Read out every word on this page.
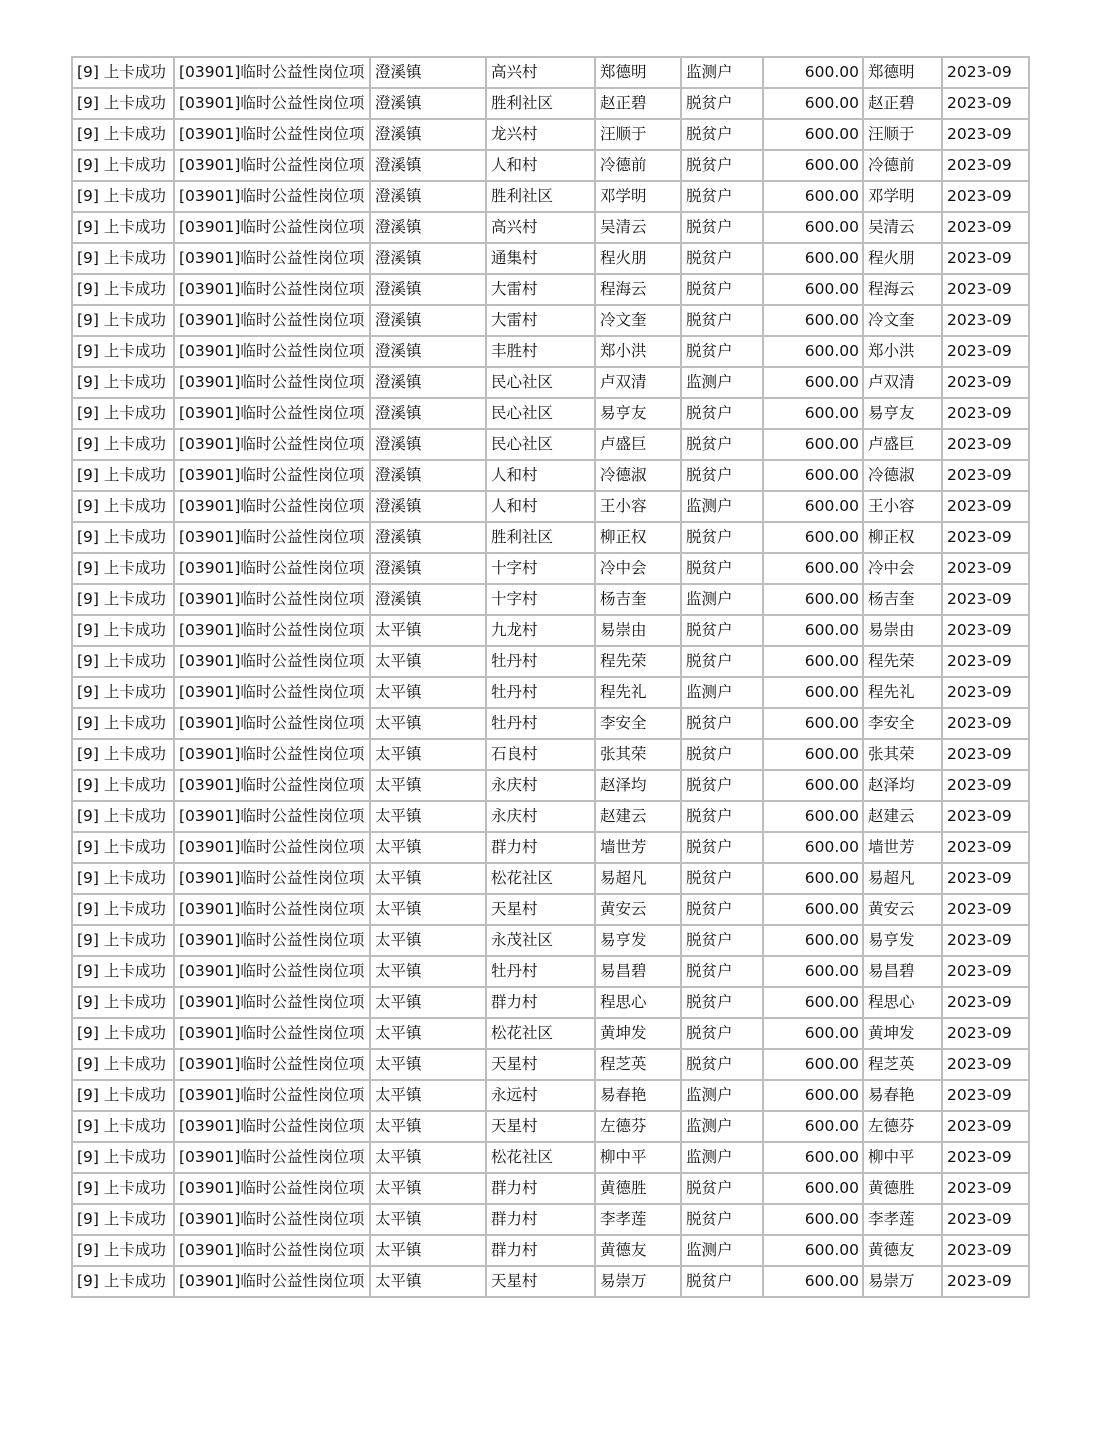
[9] 上卡成功	[03901]临时公益性岗位项	澄溪镇	高兴村	郑德明	监测户	600.00	郑德明	2023-09
[9] 上卡成功	[03901]临时公益性岗位项	澄溪镇	胜利社区	赵正碧	脱贫户	600.00	赵正碧	2023-09
[9] 上卡成功	[03901]临时公益性岗位项	澄溪镇	龙兴村	汪顺于	脱贫户	600.00	汪顺于	2023-09
[9] 上卡成功	[03901]临时公益性岗位项	澄溪镇	人和村	冷德前	脱贫户	600.00	冷德前	2023-09
[9] 上卡成功	[03901]临时公益性岗位项	澄溪镇	胜利社区	邓学明	脱贫户	600.00	邓学明	2023-09
[9] 上卡成功	[03901]临时公益性岗位项	澄溪镇	高兴村	吴清云	脱贫户	600.00	吴清云	2023-09
[9] 上卡成功	[03901]临时公益性岗位项	澄溪镇	通集村	程火朋	脱贫户	600.00	程火朋	2023-09
[9] 上卡成功	[03901]临时公益性岗位项	澄溪镇	大雷村	程海云	脱贫户	600.00	程海云	2023-09
[9] 上卡成功	[03901]临时公益性岗位项	澄溪镇	大雷村	冷文奎	脱贫户	600.00	冷文奎	2023-09
[9] 上卡成功	[03901]临时公益性岗位项	澄溪镇	丰胜村	郑小洪	脱贫户	600.00	郑小洪	2023-09
[9] 上卡成功	[03901]临时公益性岗位项	澄溪镇	民心社区	卢双清	监测户	600.00	卢双清	2023-09
[9] 上卡成功	[03901]临时公益性岗位项	澄溪镇	民心社区	易亨友	脱贫户	600.00	易亨友	2023-09
[9] 上卡成功	[03901]临时公益性岗位项	澄溪镇	民心社区	卢盛巨	脱贫户	600.00	卢盛巨	2023-09
[9] 上卡成功	[03901]临时公益性岗位项	澄溪镇	人和村	冷德淑	脱贫户	600.00	冷德淑	2023-09
[9] 上卡成功	[03901]临时公益性岗位项	澄溪镇	人和村	王小容	监测户	600.00	王小容	2023-09
[9] 上卡成功	[03901]临时公益性岗位项	澄溪镇	胜利社区	柳正权	脱贫户	600.00	柳正权	2023-09
[9] 上卡成功	[03901]临时公益性岗位项	澄溪镇	十字村	冷中会	脱贫户	600.00	冷中会	2023-09
[9] 上卡成功	[03901]临时公益性岗位项	澄溪镇	十字村	杨吉奎	监测户	600.00	杨吉奎	2023-09
[9] 上卡成功	[03901]临时公益性岗位项	太平镇	九龙村	易崇由	脱贫户	600.00	易崇由	2023-09
[9] 上卡成功	[03901]临时公益性岗位项	太平镇	牡丹村	程先荣	脱贫户	600.00	程先荣	2023-09
[9] 上卡成功	[03901]临时公益性岗位项	太平镇	牡丹村	程先礼	监测户	600.00	程先礼	2023-09
[9] 上卡成功	[03901]临时公益性岗位项	太平镇	牡丹村	李安全	脱贫户	600.00	李安全	2023-09
[9] 上卡成功	[03901]临时公益性岗位项	太平镇	石良村	张其荣	脱贫户	600.00	张其荣	2023-09
[9] 上卡成功	[03901]临时公益性岗位项	太平镇	永庆村	赵泽均	脱贫户	600.00	赵泽均	2023-09
[9] 上卡成功	[03901]临时公益性岗位项	太平镇	永庆村	赵建云	脱贫户	600.00	赵建云	2023-09
[9] 上卡成功	[03901]临时公益性岗位项	太平镇	群力村	墙世芳	脱贫户	600.00	墙世芳	2023-09
[9] 上卡成功	[03901]临时公益性岗位项	太平镇	松花社区	易超凡	脱贫户	600.00	易超凡	2023-09
[9] 上卡成功	[03901]临时公益性岗位项	太平镇	天星村	黄安云	脱贫户	600.00	黄安云	2023-09
[9] 上卡成功	[03901]临时公益性岗位项	太平镇	永茂社区	易亨发	脱贫户	600.00	易亨发	2023-09
[9] 上卡成功	[03901]临时公益性岗位项	太平镇	牡丹村	易昌碧	脱贫户	600.00	易昌碧	2023-09
[9] 上卡成功	[03901]临时公益性岗位项	太平镇	群力村	程思心	脱贫户	600.00	程思心	2023-09
[9] 上卡成功	[03901]临时公益性岗位项	太平镇	松花社区	黄坤发	脱贫户	600.00	黄坤发	2023-09
[9] 上卡成功	[03901]临时公益性岗位项	太平镇	天星村	程芝英	脱贫户	600.00	程芝英	2023-09
[9] 上卡成功	[03901]临时公益性岗位项	太平镇	永远村	易春艳	监测户	600.00	易春艳	2023-09
[9] 上卡成功	[03901]临时公益性岗位项	太平镇	天星村	左德芬	监测户	600.00	左德芬	2023-09
[9] 上卡成功	[03901]临时公益性岗位项	太平镇	松花社区	柳中平	监测户	600.00	柳中平	2023-09
[9] 上卡成功	[03901]临时公益性岗位项	太平镇	群力村	黄德胜	脱贫户	600.00	黄德胜	2023-09
[9] 上卡成功	[03901]临时公益性岗位项	太平镇	群力村	李孝莲	脱贫户	600.00	李孝莲	2023-09
[9] 上卡成功	[03901]临时公益性岗位项	太平镇	群力村	黄德友	监测户	600.00	黄德友	2023-09
[9] 上卡成功	[03901]临时公益性岗位项	太平镇	天星村	易崇万	脱贫户	600.00	易崇万	2023-09
